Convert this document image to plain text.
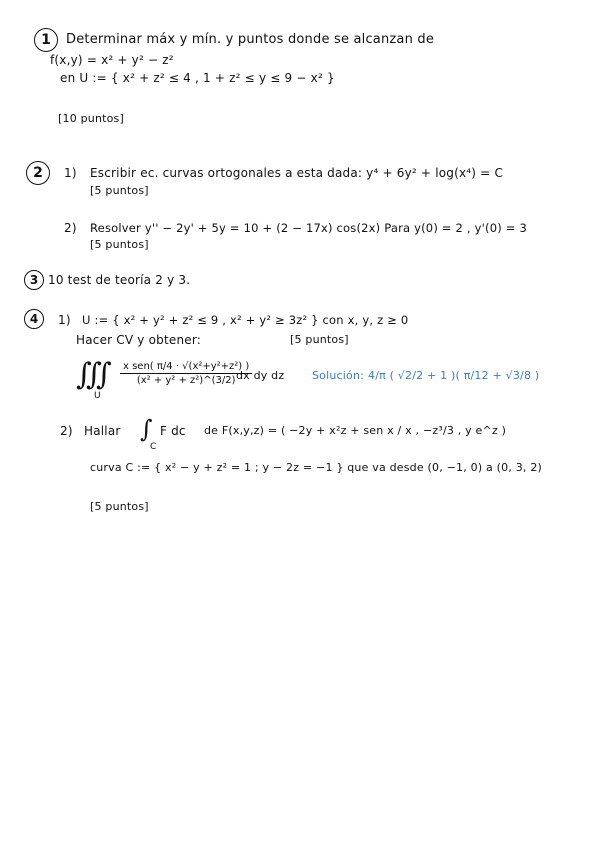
1	Determinar máx y mín. y puntos donde se alcanzan de
f(x,y) = x² + y² − z²
en U := { x² + z² ≤ 4 , 1 + z² ≤ y ≤ 9 − x² }
[10 puntos]
2	1) Escribir ec. curvas ortogonales a esta dada: y⁴ + 6y² + log(x⁴) = C
[5 puntos]
2) Resolver y'' − 2y' + 5y = 10 + (2 − 17x) cos(2x) Para y(0) = 2 , y'(0) = 3
[5 puntos]
3 10 test de teoría 2 y 3.
4	1) U := { x² + y² + z² ≤ 9 , x² + y² ≥ 3z² } con x, y, z ≥ 0
Hacer CV y obtener:	[5 puntos]
∭
U
x sen( π/4 · √(x²+y²+z²) )
(x² + y² + z²)^(3/2) dx dy dz	Solución: 4/π ( √2/2 + 1 )( π/12 + √3/8 )
2) Hallar ∫
C
F dc de F(x,y,z) = ( −2y + x²z + sen x / x , −z³/3 , y e^z )
curva C := { x² − y + z² = 1 ; y − 2z = −1 } que va desde (0, −1, 0) a (0, 3, 2)
[5 puntos]
